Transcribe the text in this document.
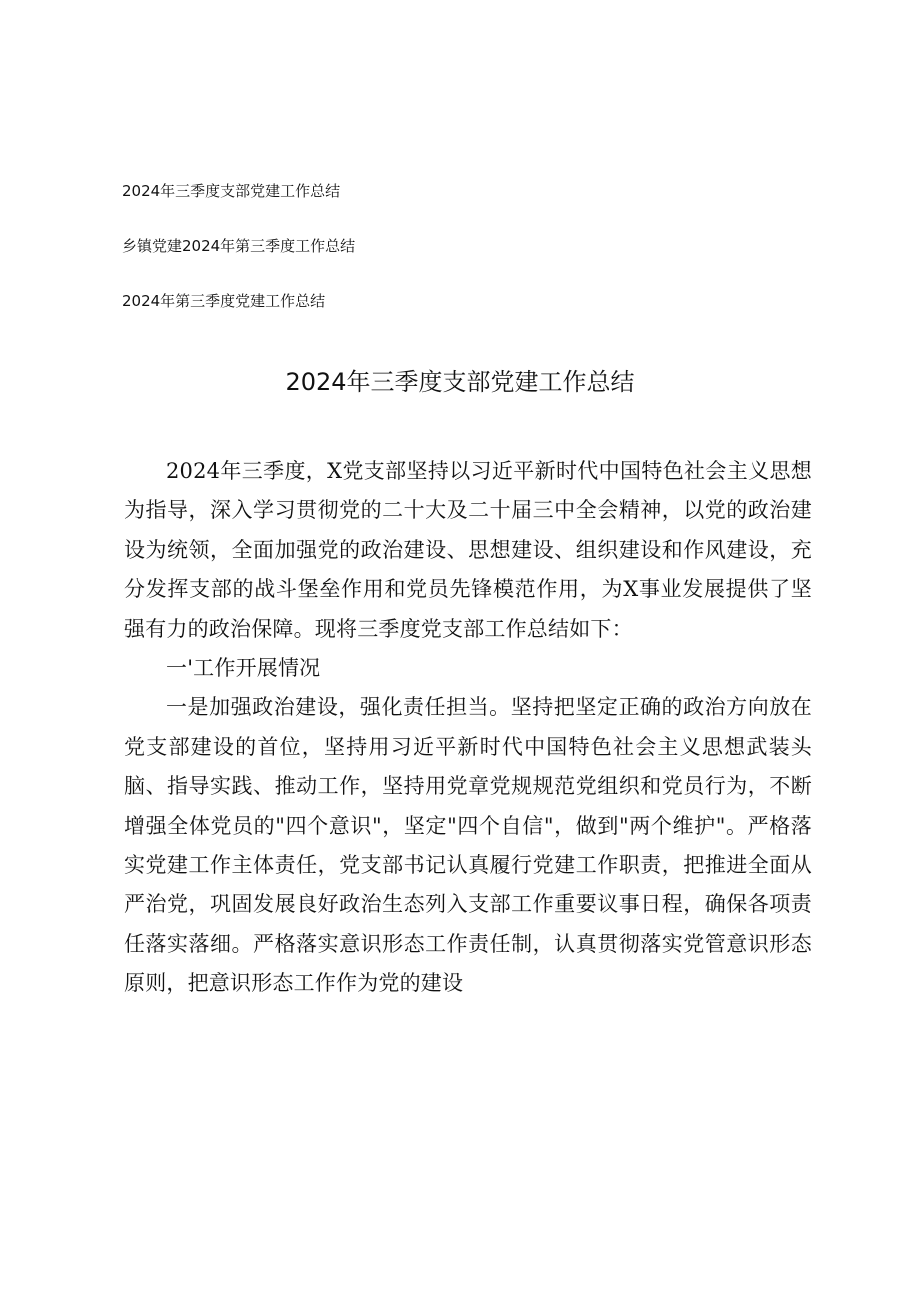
2024年三季度支部党建工作总结
乡镇党建2024年第三季度工作总结
2024年第三季度党建工作总结
2024年三季度支部党建工作总结

2024年三季度，X党支部坚持以习近平新时代中国特色社会主义思想为指导，深入学习贯彻党的二十大及二十届三中全会精神，以党的政治建设为统领，全面加强党的政治建设、思想建设、组织建设和作风建设，充分发挥支部的战斗堡垒作用和党员先锋模范作用，为X事业发展提供了坚强有力的政治保障。现将三季度党支部工作总结如下：

一'工作开展情况

一是加强政治建设，强化责任担当。坚持把坚定正确的政治方向放在党支部建设的首位，坚持用习近平新时代中国特色社会主义思想武装头脑、指导实践、推动工作，坚持用党章党规规范党组织和党员行为，不断增强全体党员的"四个意识"，坚定"四个自信"，做到"两个维护"。严格落实党建工作主体责任，党支部书记认真履行党建工作职责，把推进全面从严治党，巩固发展良好政治生态列入支部工作重要议事日程，确保各项责任落实落细。严格落实意识形态工作责任制，认真贯彻落实党管意识形态原则，把意识形态工作作为党的建设
